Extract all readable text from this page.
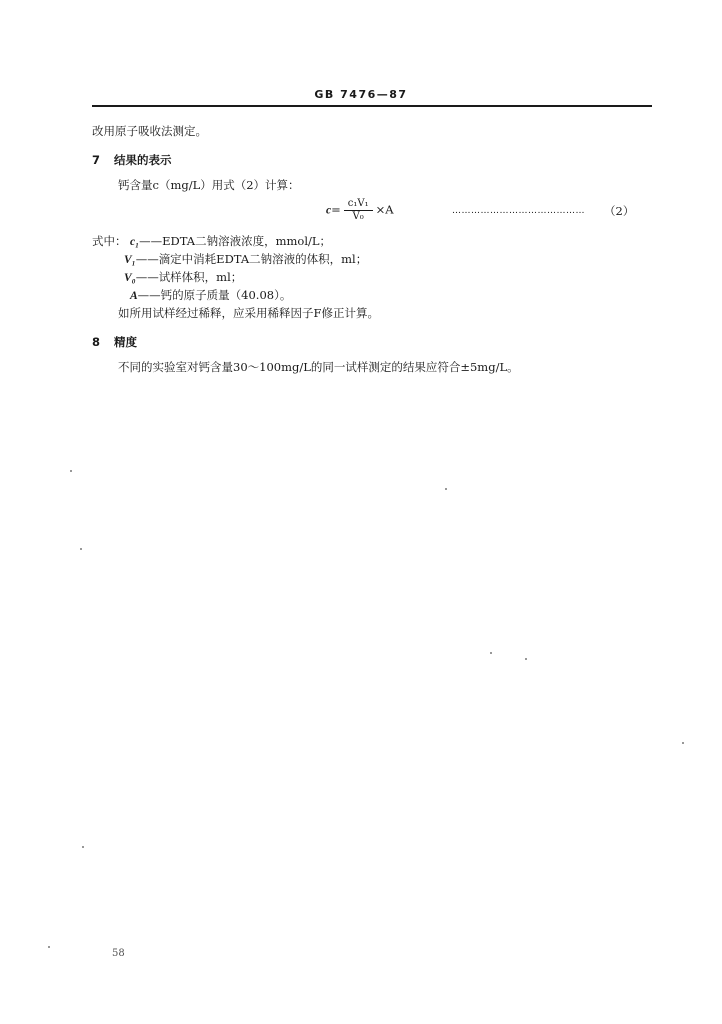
GB 7476—87
改用原子吸收法测定。
7 结果的表示
钙含量c（mg/L）用式（2）计算：
$c= \frac{\text{c₁V₁}}{\text{V₀}} \times A$	…………………………………… （2）
式中： c₁——EDTA二钠溶液浓度，mmol/L；
V₁——滴定中消耗EDTA二钠溶液的体积，ml；
V₀——试样体积，ml；
A——钙的原子质量（40.08）。
如所用试样经过稀释，应采用稀释因子F修正计算。
8 精度
不同的实验室对钙含量30～100mg/L的同一试样测定的结果应符合±5mg/L。
58
